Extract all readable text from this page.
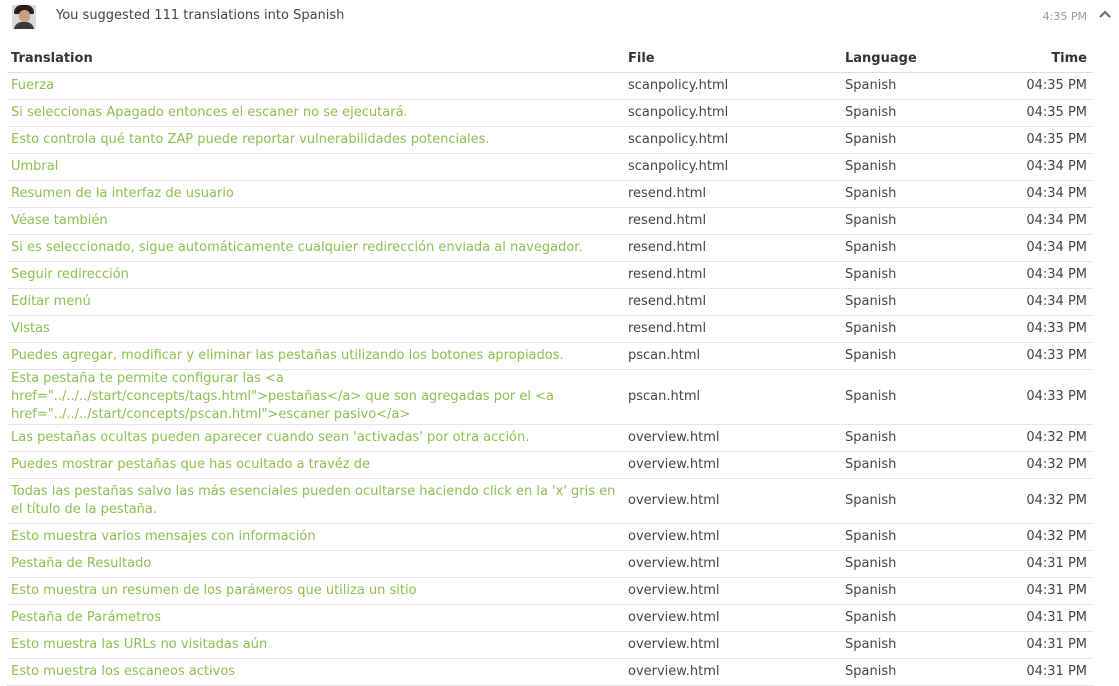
You suggested 111 translations into Spanish	4:35 PM
Translation	File	Language	Time
Fuerza	scanpolicy.html	Spanish	04:35 PM
Si seleccionas Apagado entonces el escaner no se ejecutará.	scanpolicy.html	Spanish	04:35 PM
Esto controla qué tanto ZAP puede reportar vulnerabilidades potenciales.	scanpolicy.html	Spanish	04:35 PM
Umbral	scanpolicy.html	Spanish	04:34 PM
Resumen de la interfaz de usuario	resend.html	Spanish	04:34 PM
Véase también	resend.html	Spanish	04:34 PM
Si es seleccionado, sigue automáticamente cualquier redirección enviada al navegador.	resend.html	Spanish	04:34 PM
Seguir redirección	resend.html	Spanish	04:34 PM
Editar menú	resend.html	Spanish	04:34 PM
Vistas	resend.html	Spanish	04:33 PM
Puedes agregar, modificar y eliminar las pestañas utilizando los botones apropiados.	pscan.html	Spanish	04:33 PM
Esta pestaña te permite configurar las <a href="../../../start/concepts/tags.html">pestañas</a> que son agregadas por el <a href="../../../start/concepts/pscan.html">escaner pasivo</a>	pscan.html	Spanish	04:33 PM
Las pestañas ocultas pueden aparecer cuando sean 'activadas' por otra acción.	overview.html	Spanish	04:32 PM
Puedes mostrar pestañas que has ocultado a travéz de	overview.html	Spanish	04:32 PM
Todas las pestañas salvo las más esenciales pueden ocultarse haciendo click en la 'x' gris en el título de la pestaña.	overview.html	Spanish	04:32 PM
Esto muestra varios mensajes con información	overview.html	Spanish	04:32 PM
Pestaña de Resultado	overview.html	Spanish	04:31 PM
Esto muestra un resumen de los paráмeros que utiliza un sitio	overview.html	Spanish	04:31 PM
Pestaña de Parámetros	overview.html	Spanish	04:31 PM
Esto muestra las URLs no visitadas aún	overview.html	Spanish	04:31 PM
Esto muestra los escaneos activos	overview.html	Spanish	04:31 PM
